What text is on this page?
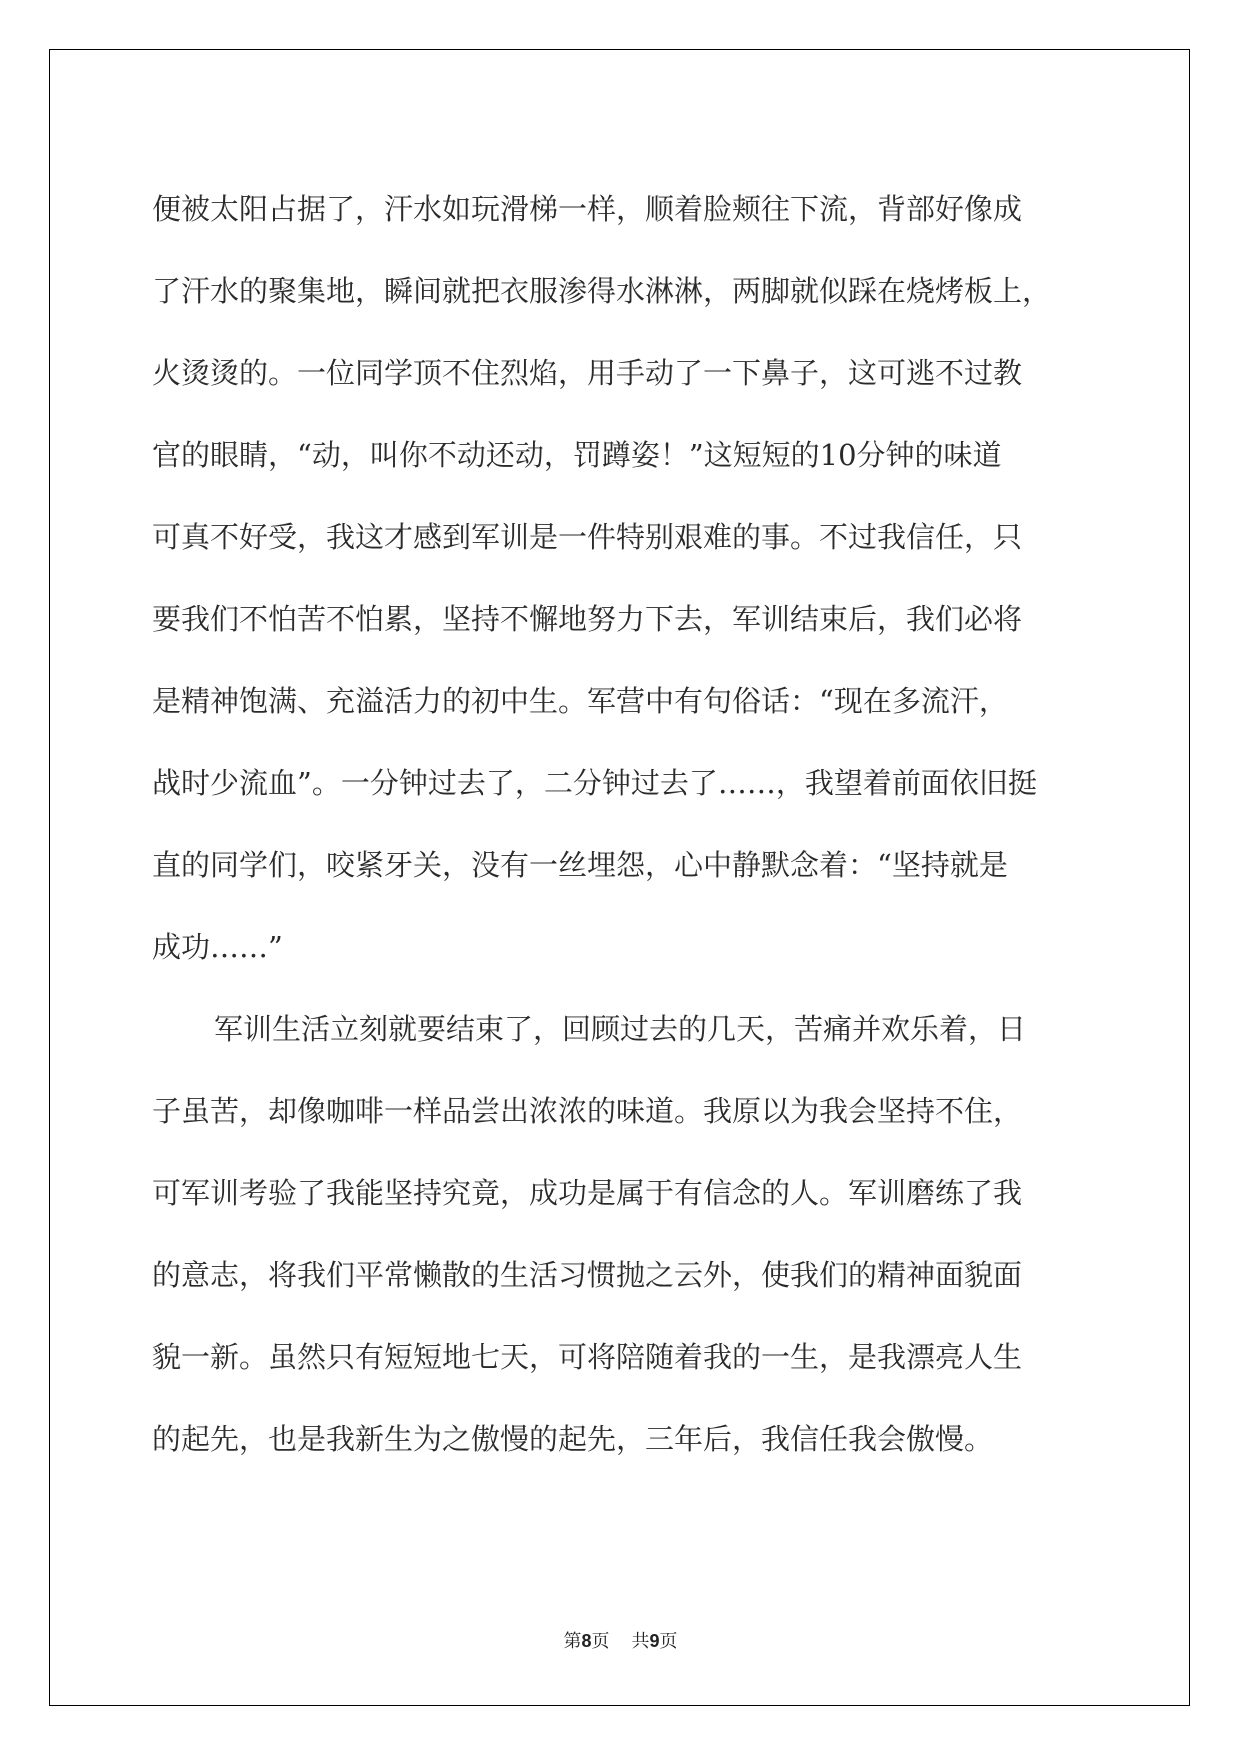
便被太阳占据了，汗水如玩滑梯一样，顺着脸颊往下流，背部好像成
了汗水的聚集地，瞬间就把衣服渗得水淋淋，两脚就似踩在烧烤板上，
火烫烫的。一位同学顶不住烈焰，用手动了一下鼻子，这可逃不过教
官的眼睛，“动，叫你不动还动，罚蹲姿！”这短短的10分钟的味道
可真不好受，我这才感到军训是一件特别艰难的事。不过我信任，只
要我们不怕苦不怕累，坚持不懈地努力下去，军训结束后，我们必将
是精神饱满、充溢活力的初中生。军营中有句俗话：“现在多流汗，
战时少流血”。一分钟过去了，二分钟过去了……，我望着前面依旧挺
直的同学们，咬紧牙关，没有一丝埋怨，心中静默念着：“坚持就是
成功……”
军训生活立刻就要结束了，回顾过去的几天，苦痛并欢乐着，日
子虽苦，却像咖啡一样品尝出浓浓的味道。我原以为我会坚持不住，
可军训考验了我能坚持究竟，成功是属于有信念的人。军训磨练了我
的意志，将我们平常懒散的生活习惯抛之云外，使我们的精神面貌面
貌一新。虽然只有短短地七天，可将陪随着我的一生，是我漂亮人生
的起先，也是我新生为之傲慢的起先，三年后，我信任我会傲慢。
第8页 共9页
